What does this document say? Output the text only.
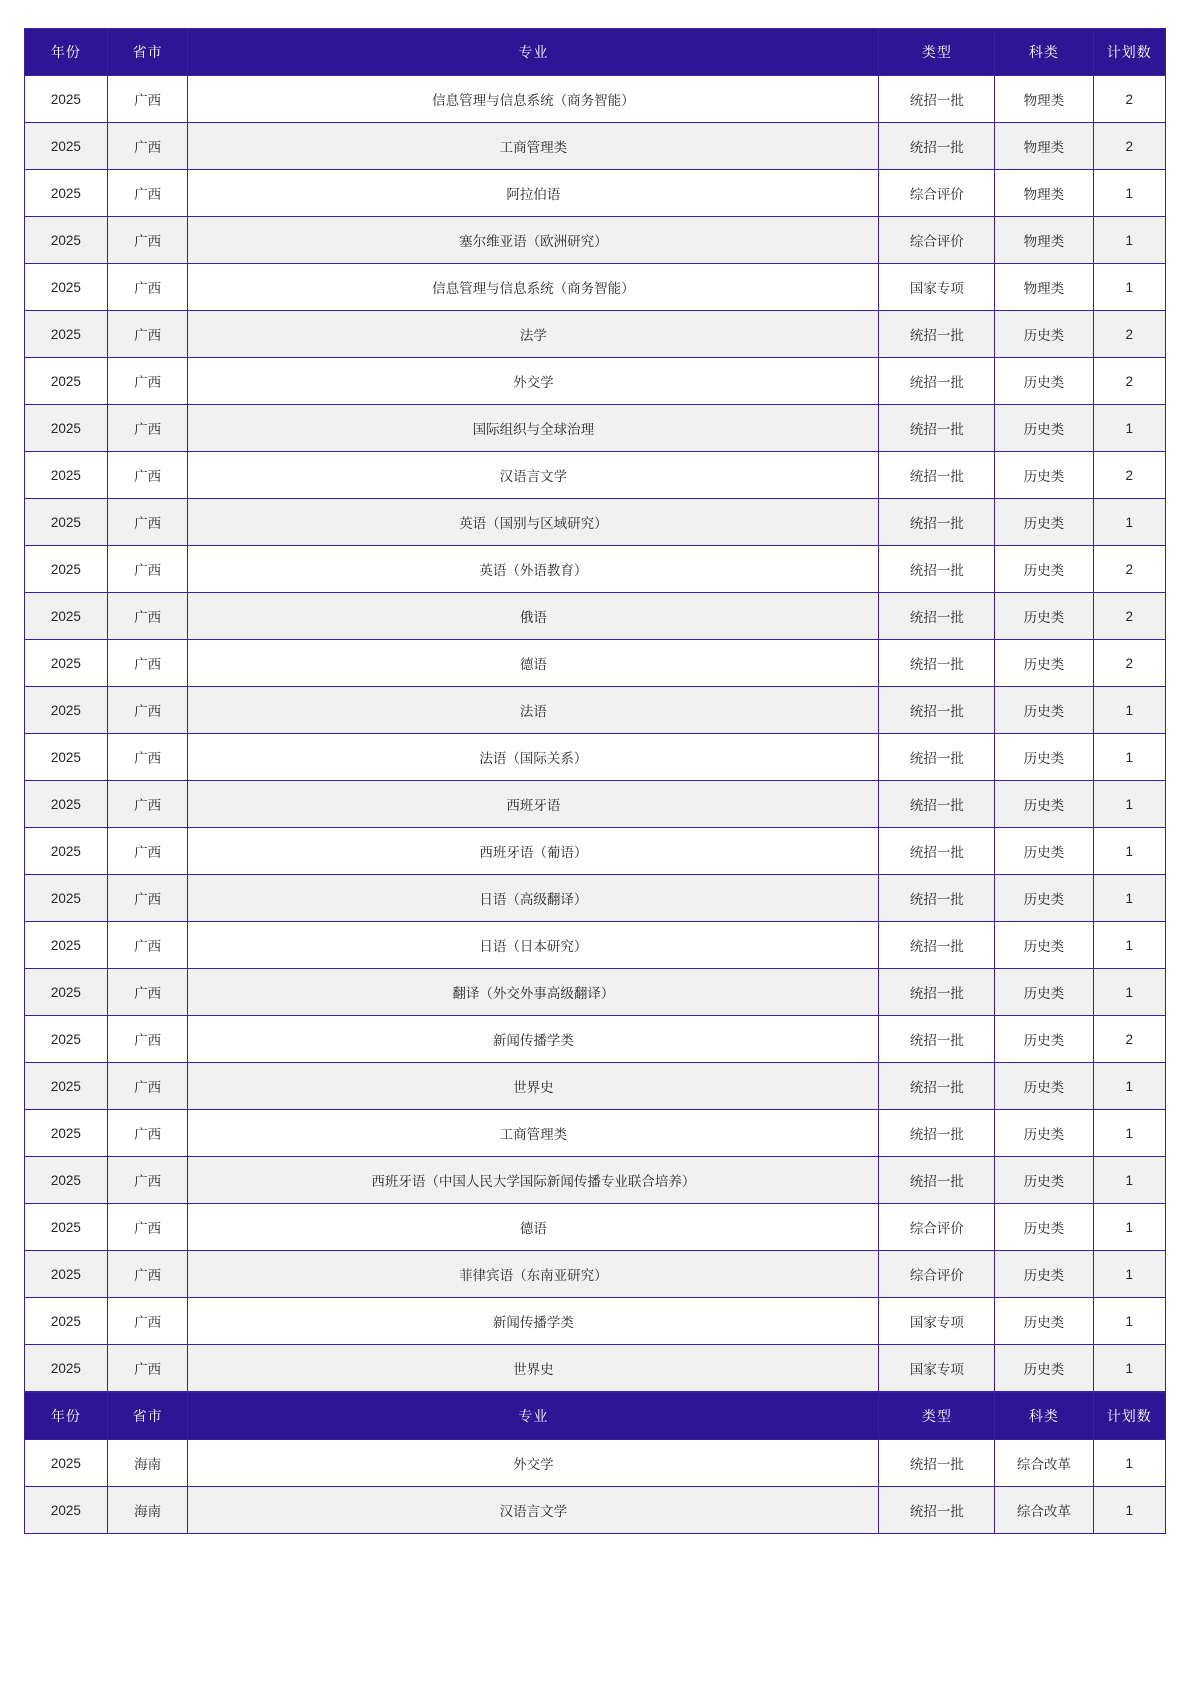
年份	省市	专业	类型	科类	计划数
2025	广西	信息管理与信息系统（商务智能）	统招一批	物理类	2
2025	广西	工商管理类	统招一批	物理类	2
2025	广西	阿拉伯语	综合评价	物理类	1
2025	广西	塞尔维亚语（欧洲研究）	综合评价	物理类	1
2025	广西	信息管理与信息系统（商务智能）	国家专项	物理类	1
2025	广西	法学	统招一批	历史类	2
2025	广西	外交学	统招一批	历史类	2
2025	广西	国际组织与全球治理	统招一批	历史类	1
2025	广西	汉语言文学	统招一批	历史类	2
2025	广西	英语（国别与区域研究）	统招一批	历史类	1
2025	广西	英语（外语教育）	统招一批	历史类	2
2025	广西	俄语	统招一批	历史类	2
2025	广西	德语	统招一批	历史类	2
2025	广西	法语	统招一批	历史类	1
2025	广西	法语（国际关系）	统招一批	历史类	1
2025	广西	西班牙语	统招一批	历史类	1
2025	广西	西班牙语（葡语）	统招一批	历史类	1
2025	广西	日语（高级翻译）	统招一批	历史类	1
2025	广西	日语（日本研究）	统招一批	历史类	1
2025	广西	翻译（外交外事高级翻译）	统招一批	历史类	1
2025	广西	新闻传播学类	统招一批	历史类	2
2025	广西	世界史	统招一批	历史类	1
2025	广西	工商管理类	统招一批	历史类	1
2025	广西	西班牙语（中国人民大学国际新闻传播专业联合培养）	统招一批	历史类	1
2025	广西	德语	综合评价	历史类	1
2025	广西	菲律宾语（东南亚研究）	综合评价	历史类	1
2025	广西	新闻传播学类	国家专项	历史类	1
2025	广西	世界史	国家专项	历史类	1
年份	省市	专业	类型	科类	计划数
2025	海南	外交学	统招一批	综合改革	1
2025	海南	汉语言文学	统招一批	综合改革	1
